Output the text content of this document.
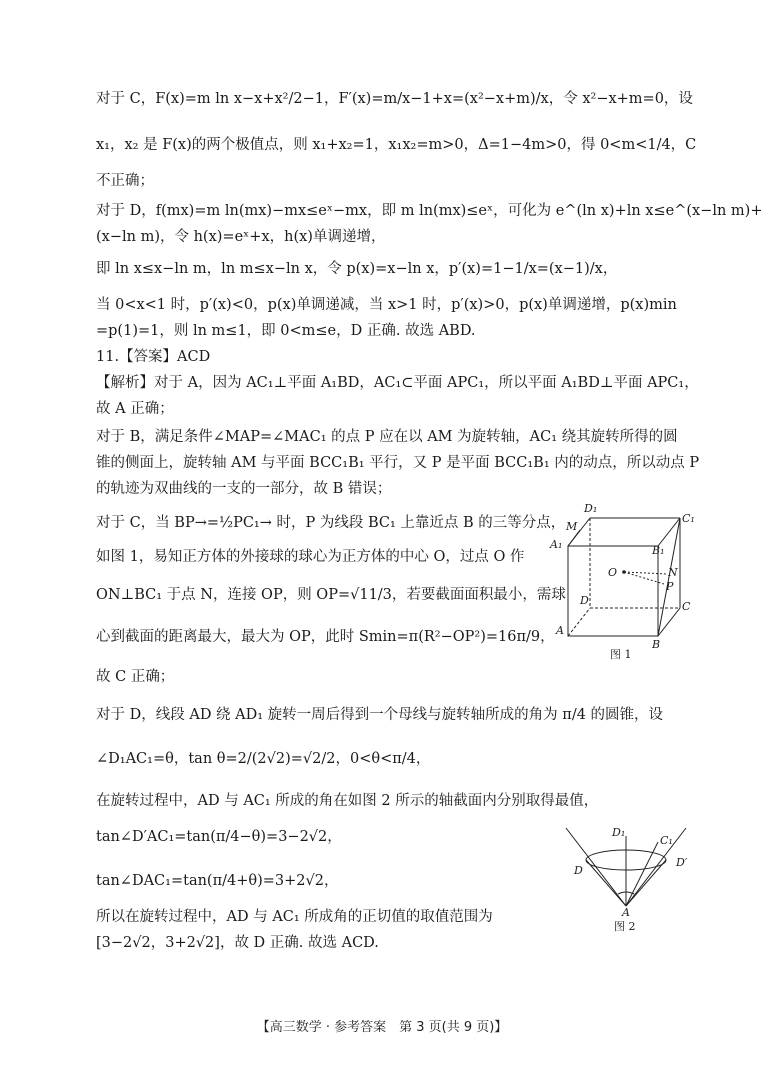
对于 C，F(x)=m ln x−x+x²/2−1，F′(x)=m/x−1+x=(x²−x+m)/x，令 x²−x+m=0，设
x₁，x₂ 是 F(x)的两个极值点，则 x₁+x₂=1，x₁x₂=m>0，Δ=1−4m>0，得 0<m<1/4，C
不正确；
对于 D，f(mx)=m ln(mx)−mx≤eˣ−mx，即 m ln(mx)≤eˣ，可化为 e^(ln x)+ln x≤e^(x−ln m)+
(x−ln m)，令 h(x)=eˣ+x，h(x)单调递增，
即 ln x≤x−ln m，ln m≤x−ln x，令 p(x)=x−ln x，p′(x)=1−1/x=(x−1)/x，
当 0<x<1 时，p′(x)<0，p(x)单调递减，当 x>1 时，p′(x)>0，p(x)单调递增，p(x)min
=p(1)=1，则 ln m≤1，即 0<m≤e，D 正确. 故选 ABD.
11.【答案】ACD
【解析】对于 A，因为 AC₁⊥平面 A₁BD，AC₁⊂平面 APC₁，所以平面 A₁BD⊥平面 APC₁，
故 A 正确；
对于 B，满足条件∠MAP=∠MAC₁ 的点 P 应在以 AM 为旋转轴，AC₁ 绕其旋转所得的圆
锥的侧面上，旋转轴 AM 与平面 BCC₁B₁ 平行，又 P 是平面 BCC₁B₁ 内的动点，所以动点 P
的轨迹为双曲线的一支的一部分，故 B 错误；
对于 C，当 BP→=½PC₁→ 时，P 为线段 BC₁ 上靠近点 B 的三等分点，
如图 1，易知正方体的外接球的球心为正方体的中心 O，过点 O 作
ON⊥BC₁ 于点 N，连接 OP，则 OP=√11/3，若要截面面积最小，需球
心到截面的距离最大，最大为 OP，此时 Smin=π(R²−OP²)=16π/9，
故 C 正确；
对于 D，线段 AD 绕 AD₁ 旋转一周后得到一个母线与旋转轴所成的角为 π/4 的圆锥，设
∠D₁AC₁=θ，tan θ=2/(2√2)=√2/2，0<θ<π/4，
在旋转过程中，AD 与 AC₁ 所成的角在如图 2 所示的轴截面内分别取得最值，
tan∠D′AC₁=tan(π/4−θ)=3−2√2，
tan∠DAC₁=tan(π/4+θ)=3+2√2，
所以在旋转过程中，AD 与 AC₁ 所成角的正切值的取值范围为
[3−2√2，3+2√2]，故 D 正确. 故选 ACD.
D₁
C₁
A₁	B₁
M
O	N
P
D	C
A
B
图 1
D₁
C₁
D′
D
A
图 2
【高三数学 · 参考答案　第 3 页(共 9 页)】
